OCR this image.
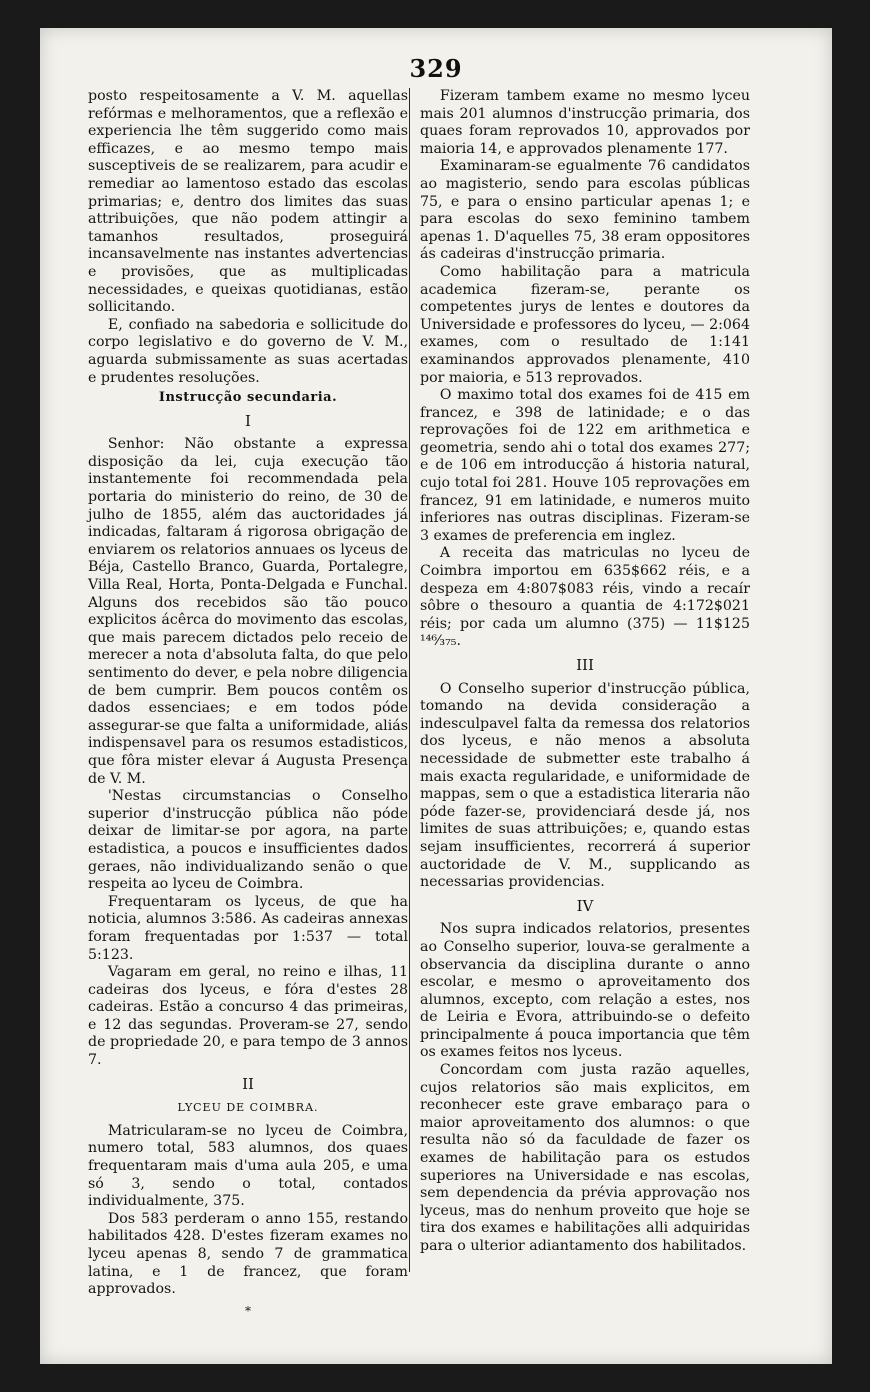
329

posto respeitosamente a V. M. aquellas refórmas e melhoramentos, que a reflexão e experiencia lhe têm suggerido como mais efficazes, e ao mesmo tempo mais susceptiveis de se realizarem, para acudir e remediar ao lamentoso estado das escolas primarias; e, dentro dos limites das suas attribuições, que não podem attingir a tamanhos resultados, proseguirá incansavelmente nas instantes advertencias e provisões, que as multiplicadas necessidades, e queixas quotidianas, estão sollicitando.

E, confiado na sabedoria e sollicitude do corpo legislativo e do governo de V. M., aguarda submissamente as suas acertadas e prudentes resoluções.

Instrucção secundaria.
I

Senhor: Não obstante a expressa disposição da lei, cuja execução tão instantemente foi recommendada pela portaria do ministerio do reino, de 30 de julho de 1855, além das auctoridades já indicadas, faltaram á rigorosa obrigação de enviarem os relatorios annuaes os lyceus de Béja, Castello Branco, Guarda, Portalegre, Villa Real, Horta, Ponta-Delgada e Funchal. Alguns dos recebidos são tão pouco explicitos ácêrca do movimento das escolas, que mais parecem dictados pelo receio de merecer a nota d'absoluta falta, do que pelo sentimento do dever, e pela nobre diligencia de bem cumprir. Bem poucos contêm os dados essenciaes; e em todos póde assegurar-se que falta a uniformidade, aliás indispensavel para os resumos estadisticos, que fôra mister elevar á Augusta Presença de V. M.

'Nestas circumstancias o Conselho superior d'instrucção pública não póde deixar de limitar-se por agora, na parte estadistica, a poucos e insufficientes dados geraes, não individualizando senão o que respeita ao lyceu de Coimbra.

Frequentaram os lyceus, de que ha noticia, alumnos 3:586. As cadeiras annexas foram frequentadas por 1:537 — total 5:123.

Vagaram em geral, no reino e ilhas, 11 cadeiras dos lyceus, e fóra d'estes 28 cadeiras. Estão a concurso 4 das primeiras, e 12 das segundas. Proveram-se 27, sendo de propriedade 20, e para tempo de 3 annos 7.

II
LYCEU DE COIMBRA.

Matricularam-se no lyceu de Coimbra, numero total, 583 alumnos, dos quaes frequentaram mais d'uma aula 205, e uma só 3, sendo o total, contados individualmente, 375.

Dos 583 perderam o anno 155, restando habilitados 428. D'estes fizeram exames no lyceu apenas 8, sendo 7 de grammatica latina, e 1 de francez, que foram approvados.

*

Fizeram tambem exame no mesmo lyceu mais 201 alumnos d'instrucção primaria, dos quaes foram reprovados 10, approvados por maioria 14, e approvados plenamente 177.

Examinaram-se egualmente 76 candidatos ao magisterio, sendo para escolas públicas 75, e para o ensino particular apenas 1; e para escolas do sexo feminino tambem apenas 1. D'aquelles 75, 38 eram oppositores ás cadeiras d'instrucção primaria.

Como habilitação para a matricula academica fizeram-se, perante os competentes jurys de lentes e doutores da Universidade e professores do lyceu, — 2:064 exames, com o resultado de 1:141 examinandos approvados plenamente, 410 por maioria, e 513 reprovados.

O maximo total dos exames foi de 415 em francez, e 398 de latinidade; e o das reprovações foi de 122 em arithmetica e geometria, sendo ahi o total dos exames 277; e de 106 em introducção á historia natural, cujo total foi 281. Houve 105 reprovações em francez, 91 em latinidade, e numeros muito inferiores nas outras disciplinas. Fizeram-se 3 exames de preferencia em inglez.

A receita das matriculas no lyceu de Coimbra importou em 635$662 réis, e a despeza em 4:807$083 réis, vindo a recaír sôbre o thesouro a quantia de 4:172$021 réis; por cada um alumno (375) — 11$125 ¹⁴⁶⁄₃₇₅.

III

O Conselho superior d'instrucção pública, tomando na devida consideração a indesculpavel falta da remessa dos relatorios dos lyceus, e não menos a absoluta necessidade de submetter este trabalho á mais exacta regularidade, e uniformidade de mappas, sem o que a estadistica literaria não póde fazer-se, providenciará desde já, nos limites de suas attribuições; e, quando estas sejam insufficientes, recorrerá á superior auctoridade de V. M., supplicando as necessarias providencias.

IV

Nos supra indicados relatorios, presentes ao Conselho superior, louva-se geralmente a observancia da disciplina durante o anno escolar, e mesmo o aproveitamento dos alumnos, excepto, com relação a estes, nos de Leiria e Evora, attribuindo-se o defeito principalmente á pouca importancia que têm os exames feitos nos lyceus.

Concordam com justa razão aquelles, cujos relatorios são mais explicitos, em reconhecer este grave embaraço para o maior aproveitamento dos alumnos: o que resulta não só da faculdade de fazer os exames de habilitação para os estudos superiores na Universidade e nas escolas, sem dependencia da prévia approvação nos lyceus, mas do nenhum proveito que hoje se tira dos exames e habilitações alli adquiridas para o ulterior adiantamento dos habilitados.
